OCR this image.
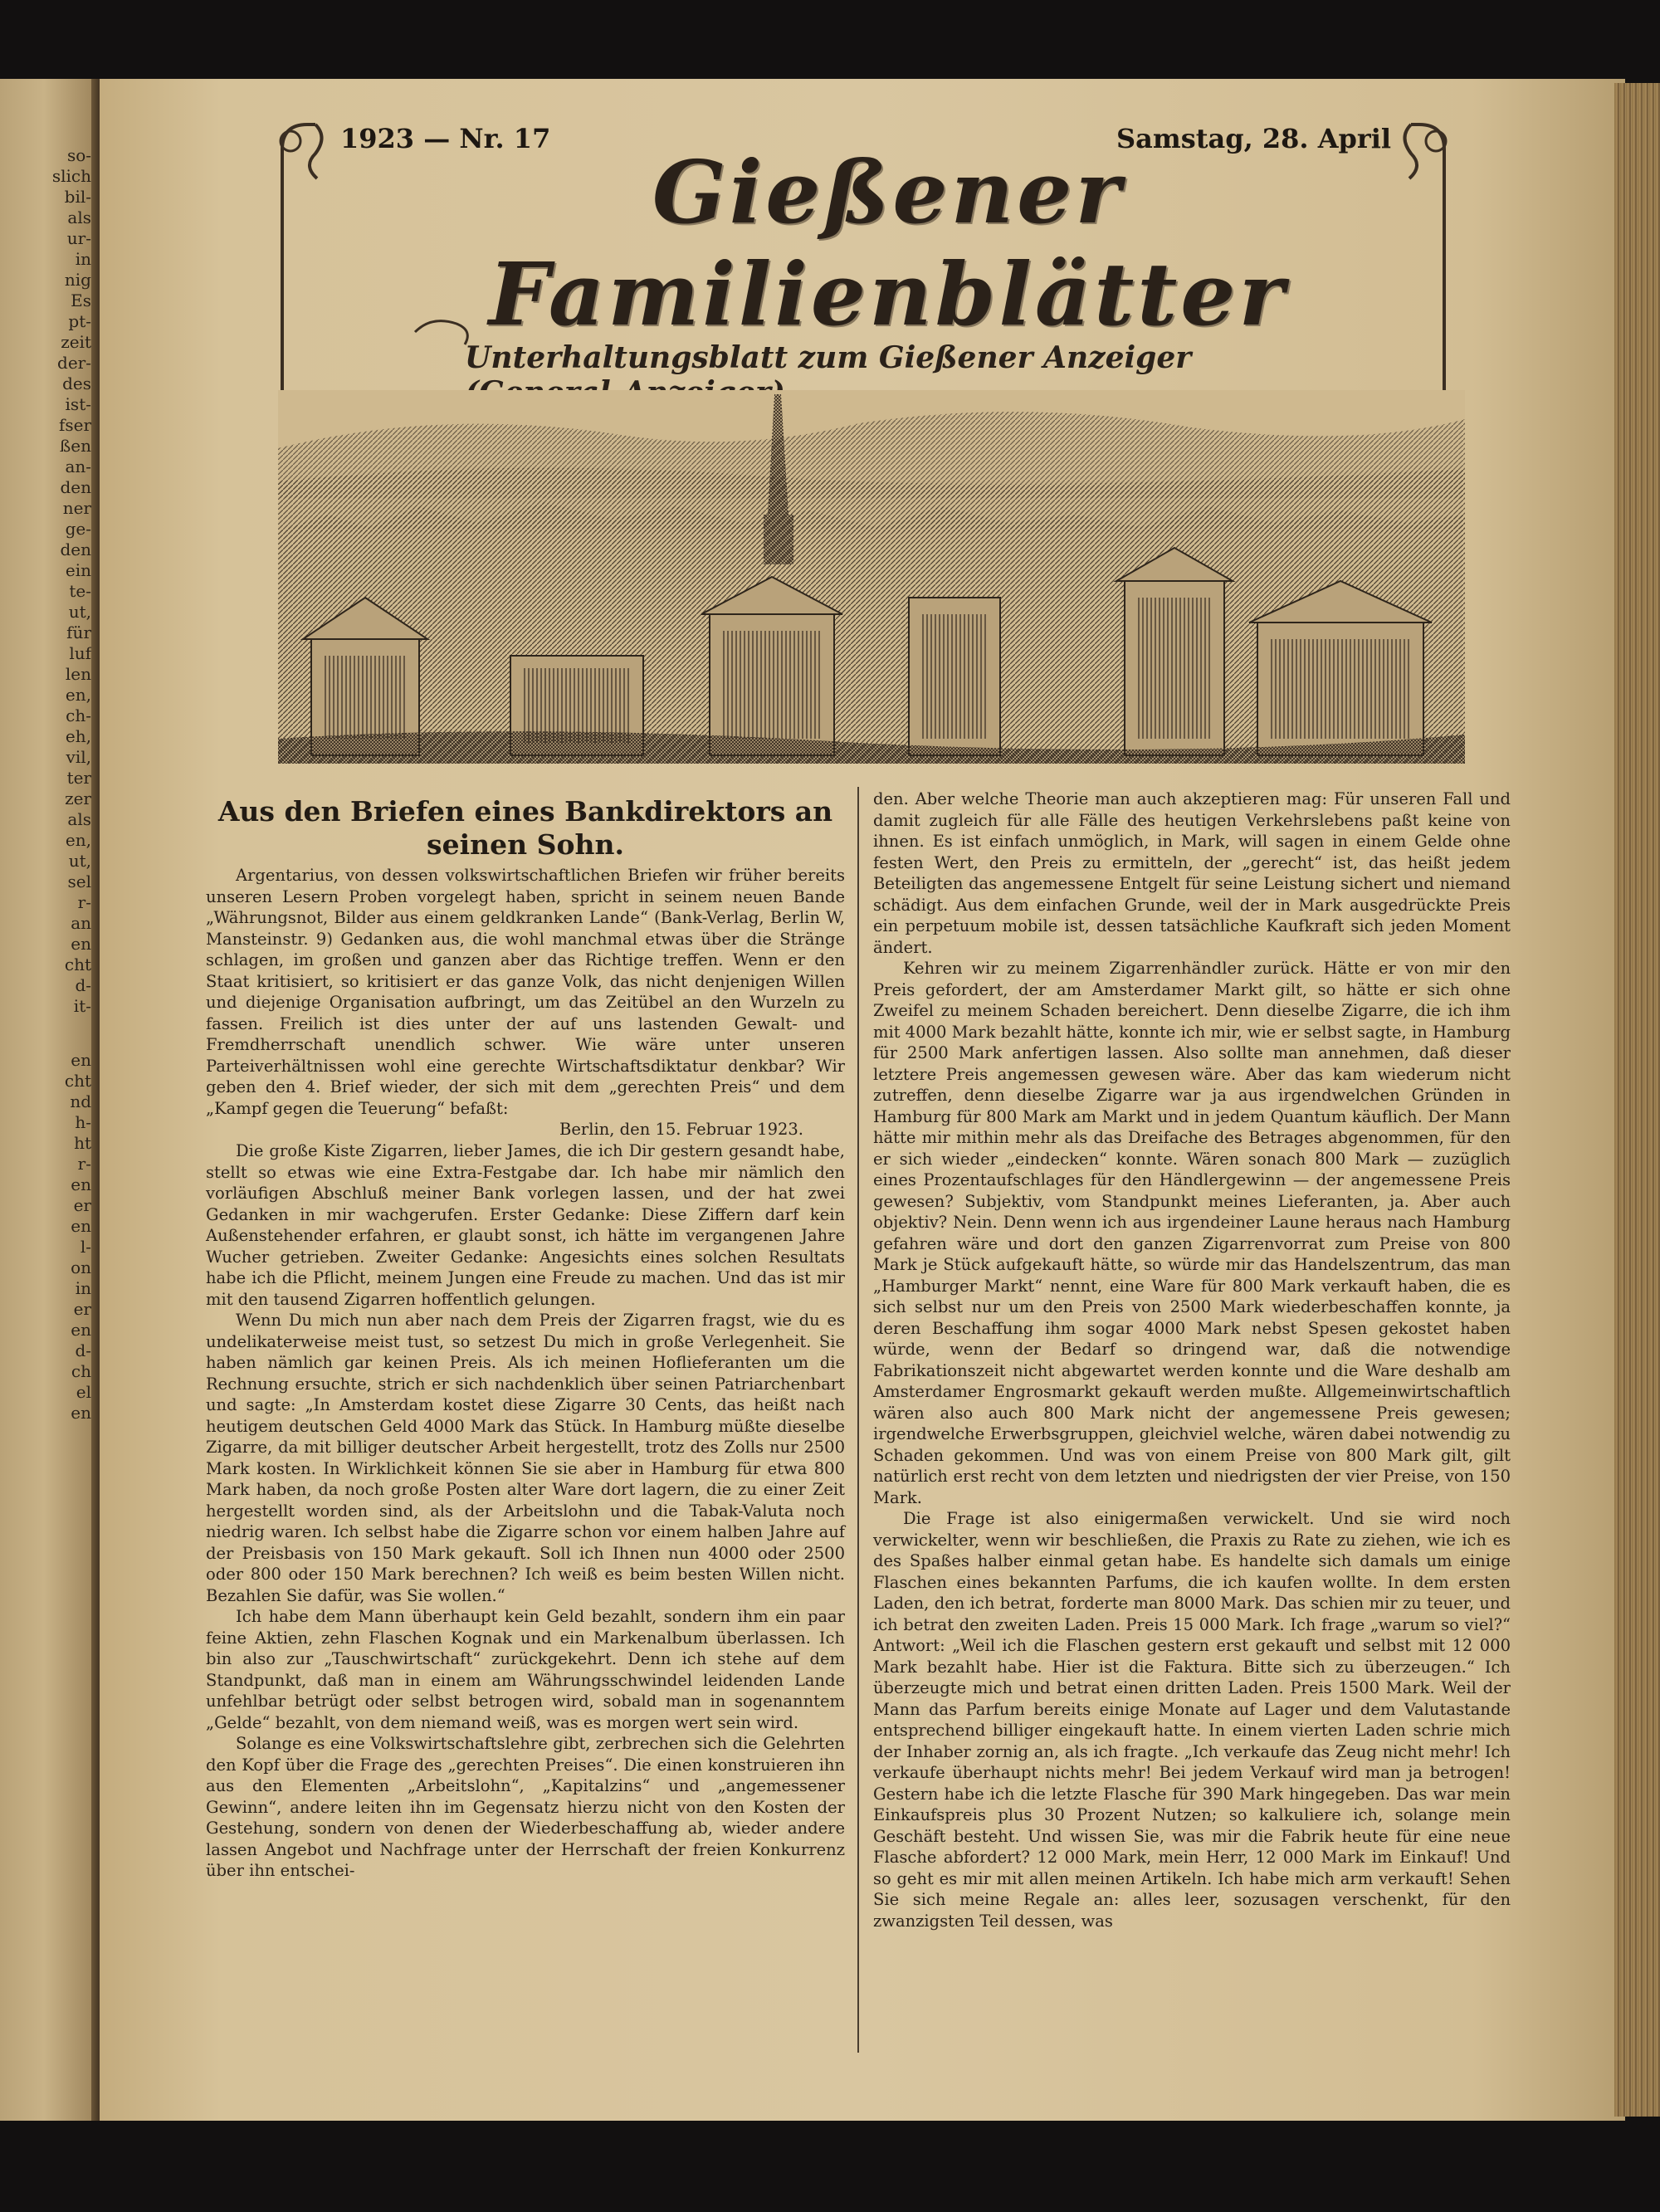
so-
slich
bil-
als
ur-
in
nig
Es
pt-
zeit
der-
des
ist-
fser
ßen
an-
den
ner
ge-
den
ein
te-
ut,
für
luf
len
en,
ch-
eh,
vil,
ter
zer
als
en,
ut,
sel
r-
an
en
cht
d-
it-
en
cht
nd
h-
ht
r-
en
er
en
l-
on
in
er
en
d-
ch
el
en
1923 — Nr. 17	Samstag, 28. April
Gießener Familienblätter
Unterhaltungsblatt zum Gießener Anzeiger
Aus den Briefen eines Bankdirektors an seinen Sohn.

Argentarius, von dessen volkswirtschaftlichen Briefen wir früher bereits unseren Lesern Proben vorgelegt haben, spricht in seinem neuen Bande „Währungsnot, Bilder aus einem geldkranken Lande“ (Bank-Verlag, Berlin W, Mansteinstr. 9) Gedanken aus, die wohl manchmal etwas über die Stränge schlagen, im großen und ganzen aber das Richtige treffen. Wenn er den Staat kritisiert, so kritisiert er das ganze Volk, das nicht denjenigen Willen und diejenige Organisation aufbringt, um das Zeitübel an den Wurzeln zu fassen. Freilich ist dies unter der auf uns lastenden Gewalt- und Fremdherrschaft unendlich schwer. Wie wäre unter unseren Parteiverhältnissen wohl eine gerechte Wirtschaftsdiktatur denkbar? Wir geben den 4. Brief wieder, der sich mit dem „gerechten Preis“ und dem „Kampf gegen die Teuerung“ befaßt:

Berlin, den 15. Februar 1923.

Die große Kiste Zigarren, lieber James, die ich Dir gestern gesandt habe, stellt so etwas wie eine Extra-Festgabe dar. Ich habe mir nämlich den vorläufigen Abschluß meiner Bank vorlegen lassen, und der hat zwei Gedanken in mir wachgerufen. Erster Gedanke: Diese Ziffern darf kein Außenstehender erfahren, er glaubt sonst, ich hätte im vergangenen Jahre Wucher getrieben. Zweiter Gedanke: Angesichts eines solchen Resultats habe ich die Pflicht, meinem Jungen eine Freude zu machen. Und das ist mir mit den tausend Zigarren hoffentlich gelungen.

Wenn Du mich nun aber nach dem Preis der Zigarren fragst, wie du es undelikaterweise meist tust, so setzest Du mich in große Verlegenheit. Sie haben nämlich gar keinen Preis. Als ich meinen Hoflieferanten um die Rechnung ersuchte, strich er sich nachdenklich über seinen Patriarchenbart und sagte: „In Amsterdam kostet diese Zigarre 30 Cents, das heißt nach heutigem deutschen Geld 4000 Mark das Stück. In Hamburg müßte dieselbe Zigarre, da mit billiger deutscher Arbeit hergestellt, trotz des Zolls nur 2500 Mark kosten. In Wirklichkeit können Sie sie aber in Hamburg für etwa 800 Mark haben, da noch große Posten alter Ware dort lagern, die zu einer Zeit hergestellt worden sind, als der Arbeitslohn und die Tabak-Valuta noch niedrig waren. Ich selbst habe die Zigarre schon vor einem halben Jahre auf der Preisbasis von 150 Mark gekauft. Soll ich Ihnen nun 4000 oder 2500 oder 800 oder 150 Mark berechnen? Ich weiß es beim besten Willen nicht. Bezahlen Sie dafür, was Sie wollen.“

Ich habe dem Mann überhaupt kein Geld bezahlt, sondern ihm ein paar feine Aktien, zehn Flaschen Kognak und ein Markenalbum überlassen. Ich bin also zur „Tauschwirtschaft“ zurückgekehrt. Denn ich stehe auf dem Standpunkt, daß man in einem am Währungsschwindel leidenden Lande unfehlbar betrügt oder selbst betrogen wird, sobald man in sogenanntem „Gelde“ bezahlt, von dem niemand weiß, was es morgen wert sein wird.

Solange es eine Volkswirtschaftslehre gibt, zerbrechen sich die Gelehrten den Kopf über die Frage des „gerechten Preises“. Die einen konstruieren ihn aus den Elementen „Arbeitslohn“, „Kapitalzins“ und „angemessener Gewinn“, andere leiten ihn im Gegensatz hierzu nicht von den Kosten der Gestehung, sondern von denen der Wiederbeschaffung ab, wieder andere lassen Angebot und Nachfrage unter der Herrschaft der freien Konkurrenz über ihn entschei-

den. Aber welche Theorie man auch akzeptieren mag: Für unseren Fall und damit zugleich für alle Fälle des heutigen Verkehrslebens paßt keine von ihnen. Es ist einfach unmöglich, in Mark, will sagen in einem Gelde ohne festen Wert, den Preis zu ermitteln, der „gerecht“ ist, das heißt jedem Beteiligten das angemessene Entgelt für seine Leistung sichert und niemand schädigt. Aus dem einfachen Grunde, weil der in Mark ausgedrückte Preis ein perpetuum mobile ist, dessen tatsächliche Kaufkraft sich jeden Moment ändert.

Kehren wir zu meinem Zigarrenhändler zurück. Hätte er von mir den Preis gefordert, der am Amsterdamer Markt gilt, so hätte er sich ohne Zweifel zu meinem Schaden bereichert. Denn dieselbe Zigarre, die ich ihm mit 4000 Mark bezahlt hätte, konnte ich mir, wie er selbst sagte, in Hamburg für 2500 Mark anfertigen lassen. Also sollte man annehmen, daß dieser letztere Preis angemessen gewesen wäre. Aber das kam wiederum nicht zutreffen, denn dieselbe Zigarre war ja aus irgendwelchen Gründen in Hamburg für 800 Mark am Markt und in jedem Quantum käuflich. Der Mann hätte mir mithin mehr als das Dreifache des Betrages abgenommen, für den er sich wieder „eindecken“ konnte. Wären sonach 800 Mark — zuzüglich eines Prozentaufschlages für den Händlergewinn — der angemessene Preis gewesen? Subjektiv, vom Standpunkt meines Lieferanten, ja. Aber auch objektiv? Nein. Denn wenn ich aus irgendeiner Laune heraus nach Hamburg gefahren wäre und dort den ganzen Zigarrenvorrat zum Preise von 800 Mark je Stück aufgekauft hätte, so würde mir das Handelszentrum, das man „Hamburger Markt“ nennt, eine Ware für 800 Mark verkauft haben, die es sich selbst nur um den Preis von 2500 Mark wiederbeschaffen konnte, ja deren Beschaffung ihm sogar 4000 Mark nebst Spesen gekostet haben würde, wenn der Bedarf so dringend war, daß die notwendige Fabrikationszeit nicht abgewartet werden konnte und die Ware deshalb am Amsterdamer Engrosmarkt gekauft werden mußte. Allgemeinwirtschaftlich wären also auch 800 Mark nicht der angemessene Preis gewesen; irgendwelche Erwerbsgruppen, gleichviel welche, wären dabei notwendig zu Schaden gekommen. Und was von einem Preise von 800 Mark gilt, gilt natürlich erst recht von dem letzten und niedrigsten der vier Preise, von 150 Mark.

Die Frage ist also einigermaßen verwickelt. Und sie wird noch verwickelter, wenn wir beschließen, die Praxis zu Rate zu ziehen, wie ich es des Spaßes halber einmal getan habe. Es handelte sich damals um einige Flaschen eines bekannten Parfums, die ich kaufen wollte. In dem ersten Laden, den ich betrat, forderte man 8000 Mark. Das schien mir zu teuer, und ich betrat den zweiten Laden. Preis 15 000 Mark. Ich frage „warum so viel?“ Antwort: „Weil ich die Flaschen gestern erst gekauft und selbst mit 12 000 Mark bezahlt habe. Hier ist die Faktura. Bitte sich zu überzeugen.“ Ich überzeugte mich und betrat einen dritten Laden. Preis 1500 Mark. Weil der Mann das Parfum bereits einige Monate auf Lager und dem Valutastande entsprechend billiger eingekauft hatte. In einem vierten Laden schrie mich der Inhaber zornig an, als ich fragte. „Ich verkaufe das Zeug nicht mehr! Ich verkaufe überhaupt nichts mehr! Bei jedem Verkauf wird man ja betrogen! Gestern habe ich die letzte Flasche für 390 Mark hingegeben. Das war mein Einkaufspreis plus 30 Prozent Nutzen; so kalkuliere ich, solange mein Geschäft besteht. Und wissen Sie, was mir die Fabrik heute für eine neue Flasche abfordert? 12 000 Mark, mein Herr, 12 000 Mark im Einkauf! Und so geht es mir mit allen meinen Artikeln. Ich habe mich arm verkauft! Sehen Sie sich meine Regale an: alles leer, sozusagen verschenkt, für den zwanzigsten Teil dessen, was
